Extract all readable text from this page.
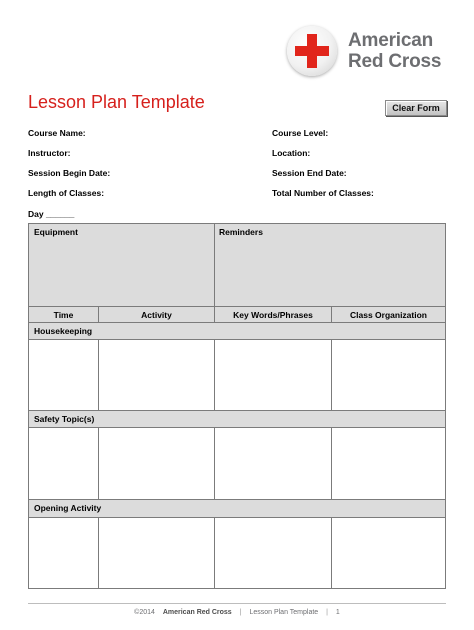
American
Red Cross
Lesson Plan Template	Clear Form
Course Name:	Course Level:
Instructor:	Location:
Session Begin Date:	Session End Date:
Length of Classes:	Total Number of Classes:
Day ______
Equipment	Reminders
Time	Activity	Key Words/Phrases	Class Organization
Housekeeping
Safety Topic(s)
Opening Activity
©2014 American Red Cross | Lesson Plan Template | 1
